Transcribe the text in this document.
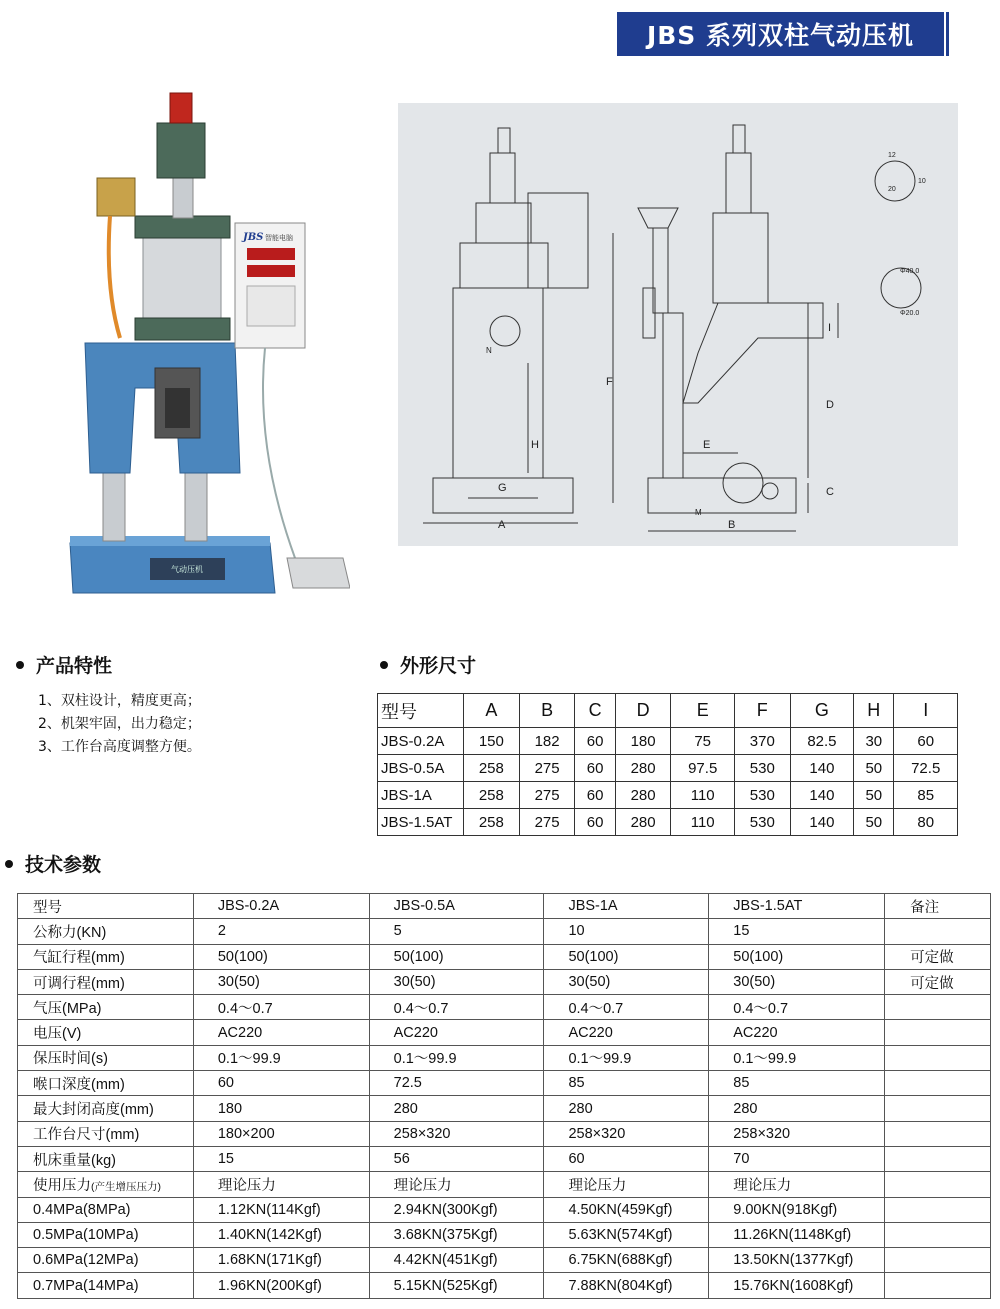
JBS 系列双柱气动压机
气动压机
JBS 智能电脑
A	B
C
D
E
F
G
H
I
M
N
12
20
10
Φ40.0
Φ20.0
产品特性
1、双柱设计，精度更高；
2、机架牢固，出力稳定；
3、工作台高度调整方便。
外形尺寸
型号	A	B	C	D	E	F	G	H	I
JBS-0.2A	150	182	60	180	75	370	82.5	30	60
JBS-0.5A	258	275	60	280	97.5	530	140	50	72.5
JBS-1A	258	275	60	280	110	530	140	50	85
JBS-1.5AT	258	275	60	280	110	530	140	50	80
技术参数
型号	JBS-0.2A	JBS-0.5A	JBS-1A	JBS-1.5AT	备注
公称力(KN)	2	5	10	15	
气缸行程(mm)	50(100)	50(100)	50(100)	50(100)	可定做
可调行程(mm)	30(50)	30(50)	30(50)	30(50)	可定做
气压(MPa)	0.4～0.7	0.4～0.7	0.4～0.7	0.4～0.7	
电压(V)	AC220	AC220	AC220	AC220	
保压时间(s)	0.1～99.9	0.1～99.9	0.1～99.9	0.1～99.9	
喉口深度(mm)	60	72.5	85	85	
最大封闭高度(mm)	180	280	280	280	
工作台尺寸(mm)	180×200	258×320	258×320	258×320	
机床重量(kg)	15	56	60	70	
使用压力(产生增压压力)	理论压力	理论压力	理论压力	理论压力	
0.4MPa(8MPa)	1.12KN(114Kgf)	2.94KN(300Kgf)	4.50KN(459Kgf)	9.00KN(918Kgf)	
0.5MPa(10MPa)	1.40KN(142Kgf)	3.68KN(375Kgf)	5.63KN(574Kgf)	11.26KN(1148Kgf)	
0.6MPa(12MPa)	1.68KN(171Kgf)	4.42KN(451Kgf)	6.75KN(688Kgf)	13.50KN(1377Kgf)	
0.7MPa(14MPa)	1.96KN(200Kgf)	5.15KN(525Kgf)	7.88KN(804Kgf)	15.76KN(1608Kgf)	
